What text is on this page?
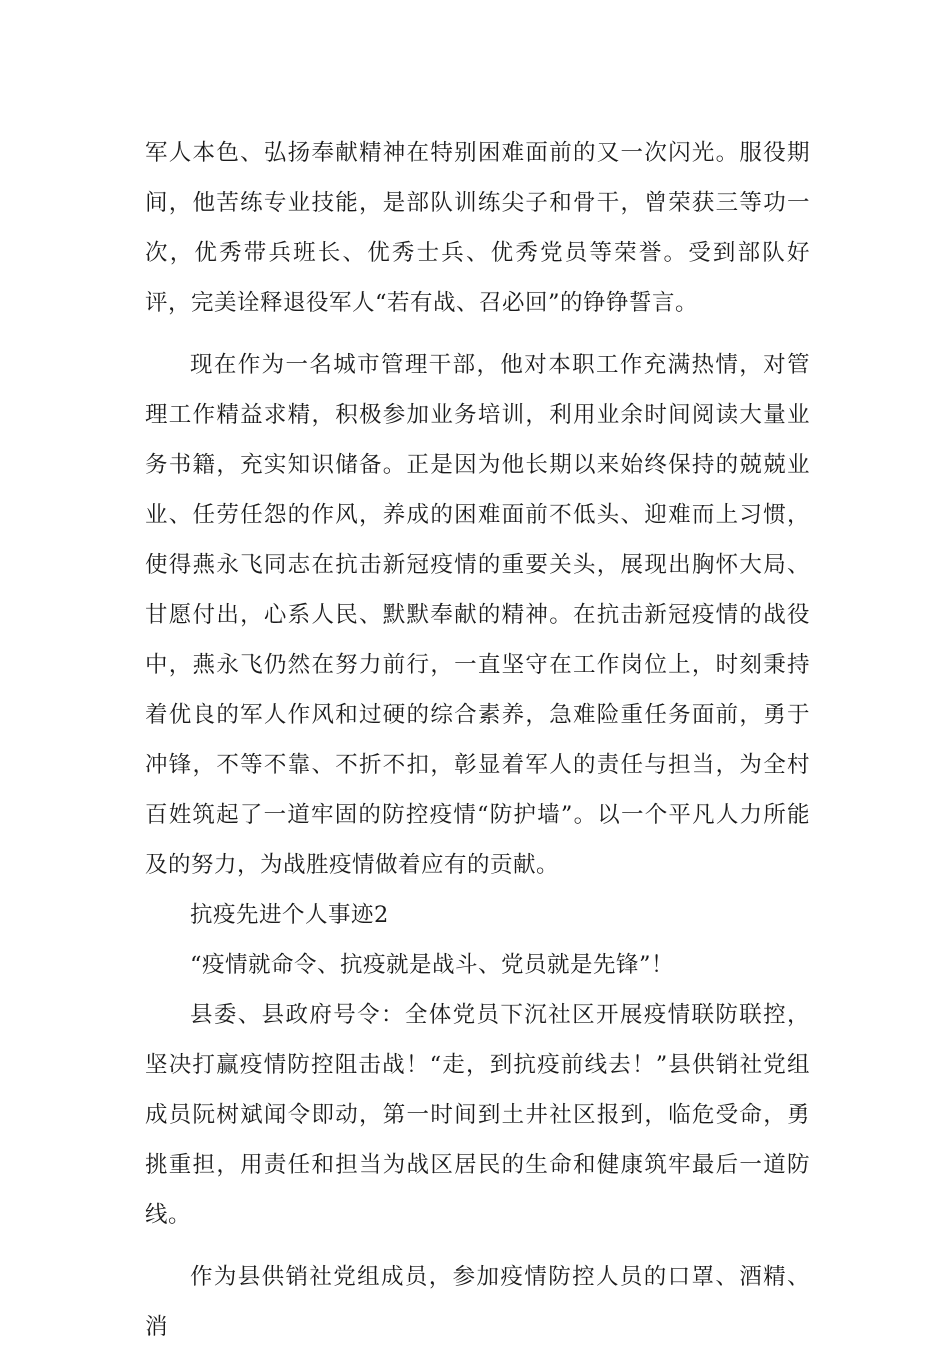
军人本色、弘扬奉献精神在特别困难面前的又一次闪光。服役期间，他苦练专业技能，是部队训练尖子和骨干，曾荣获三等功一次，优秀带兵班长、优秀士兵、优秀党员等荣誉。受到部队好评，完美诠释退役军人“若有战、召必回”的铮铮誓言。

现在作为一名城市管理干部，他对本职工作充满热情，对管理工作精益求精，积极参加业务培训，利用业余时间阅读大量业务书籍，充实知识储备。正是因为他长期以来始终保持的兢兢业业、任劳任怨的作风，养成的困难面前不低头、迎难而上习惯，使得燕永飞同志在抗击新冠疫情的重要关头，展现出胸怀大局、甘愿付出，心系人民、默默奉献的精神。在抗击新冠疫情的战役中，燕永飞仍然在努力前行，一直坚守在工作岗位上，时刻秉持着优良的军人作风和过硬的综合素养，急难险重任务面前，勇于冲锋，不等不靠、不折不扣，彰显着军人的责任与担当，为全村百姓筑起了一道牢固的防控疫情“防护墙”。以一个平凡人力所能及的努力，为战胜疫情做着应有的贡献。

抗疫先进个人事迹2

“疫情就命令、抗疫就是战斗、党员就是先锋”！

县委、县政府号令：全体党员下沉社区开展疫情联防联控，坚决打赢疫情防控阻击战！“走，到抗疫前线去！”县供销社党组成员阮树斌闻令即动，第一时间到土井社区报到，临危受命，勇挑重担，用责任和担当为战区居民的生命和健康筑牢最后一道防线。

作为县供销社党组成员，参加疫情防控人员的口罩、酒精、消
